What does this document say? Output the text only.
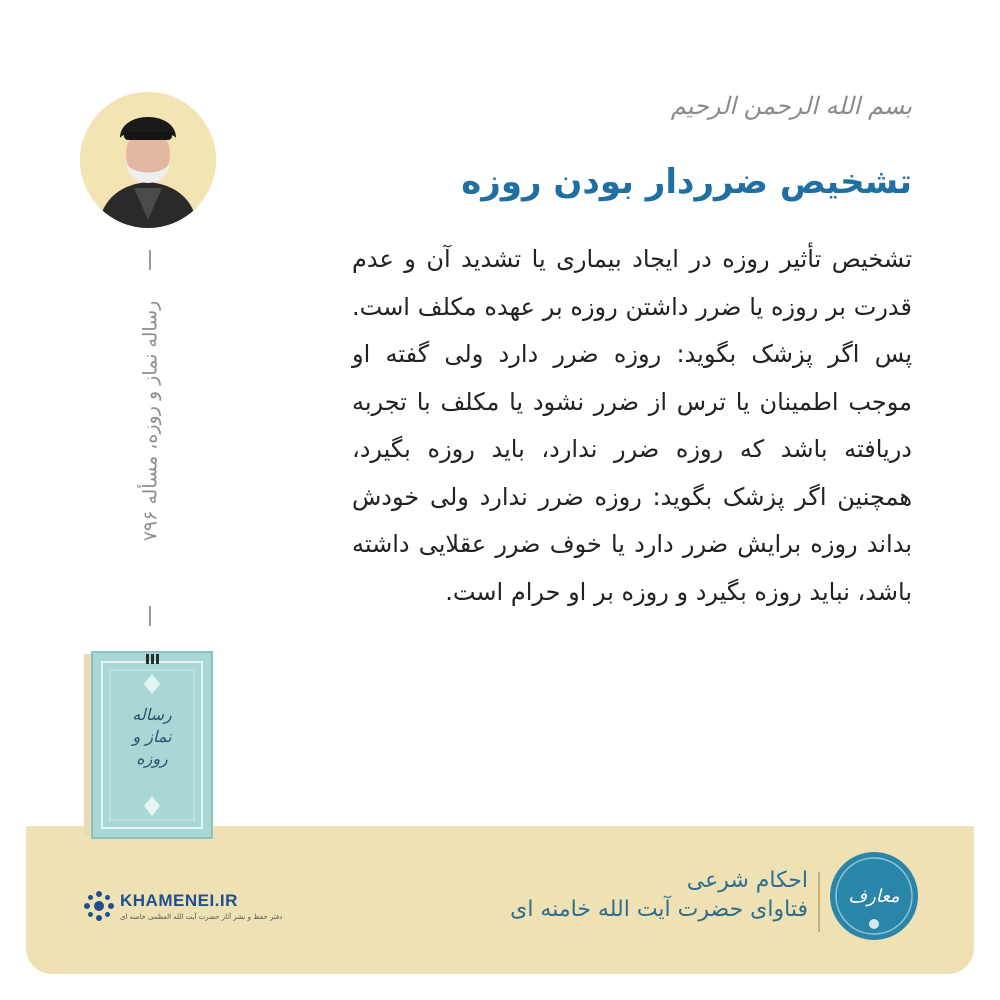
بسم الله الرحمن الرحیم
تشخیص ضرردار بودن روزه
تشخیص تأثیر روزه در ایجاد بیماری یا تشدید آن و عدم قدرت بر روزه یا ضرر داشتن روزه بر عهده مکلف است. پس اگر پزشک بگوید: روزه ضرر دارد ولی گفته او موجب اطمینان یا ترس از ضرر نشود یا مکلف با تجربه دریافته باشد که روزه ضرر ندارد، باید روزه بگیرد، همچنین اگر پزشک بگوید: روزه ضرر ندارد ولی خودش بداند روزه برایش ضرر دارد یا خوف ضرر عقلایی داشته باشد، نباید روزه بگیرد و روزه بر او حرام است.
رساله نماز و روزه، مسأله ۷۹۶
رساله
نماز و روزه
KHAMENEI.IR
دفتر حفظ و نشر آثار حضرت آیت الله العظمی خامنه ای
احکام شرعی
فتاوای حضرت آیت الله خامنه ای
معارف
